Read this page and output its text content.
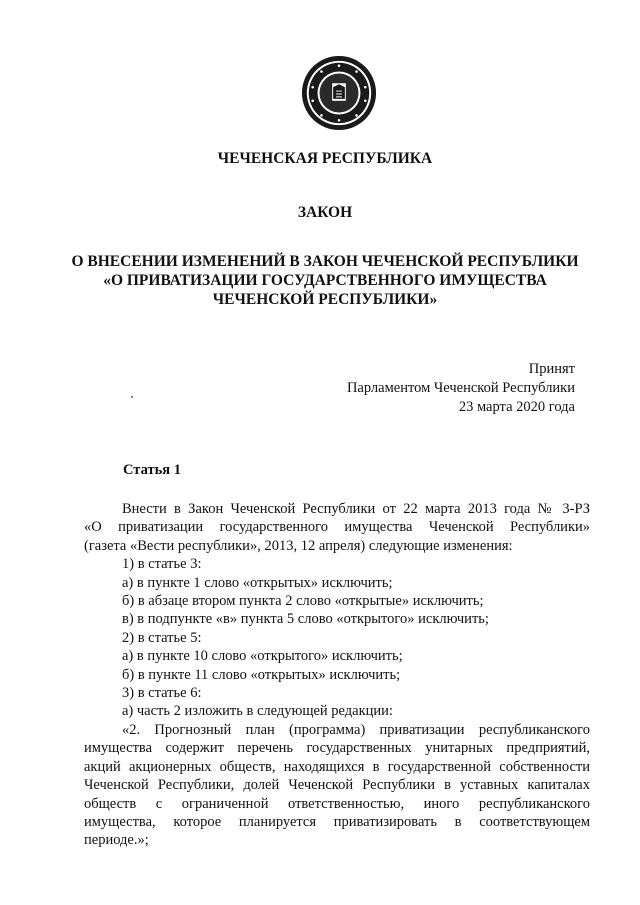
ЧЕЧЕНСКАЯ РЕСПУБЛИКА
ЗАКОН
О ВНЕСЕНИИ ИЗМЕНЕНИЙ В ЗАКОН ЧЕЧЕНСКОЙ РЕСПУБЛИКИ
«О ПРИВАТИЗАЦИИ ГОСУДАРСТВЕННОГО ИМУЩЕСТВА
ЧЕЧЕНСКОЙ РЕСПУБЛИКИ»
Принят
Парламентом Чеченской Республики
23 марта 2020 года
Статья 1
Внести в Закон Чеченской Республики от 22 марта 2013 года № 3-РЗ
«О приватизации государственного имущества Чеченской Республики»
(газета «Вести республики», 2013, 12 апреля) следующие изменения:
1) в статье 3:
а) в пункте 1 слово «открытых» исключить;
б) в абзаце втором пункта 2 слово «открытые» исключить;
в) в подпункте «в» пункта 5 слово «открытого» исключить;
2) в статье 5:
а) в пункте 10 слово «открытого» исключить;
б) в пункте 11 слово «открытых» исключить;
3) в статье 6:
а) часть 2 изложить в следующей редакции:
«2. Прогнозный план (программа) приватизации республиканского
имущества содержит перечень государственных унитарных предприятий,
акций акционерных обществ, находящихся в государственной собственности
Чеченской Республики, долей Чеченской Республики в уставных капиталах
обществ с ограниченной ответственностью, иного республиканского
имущества, которое планируется приватизировать в соответствующем
периоде.»;
